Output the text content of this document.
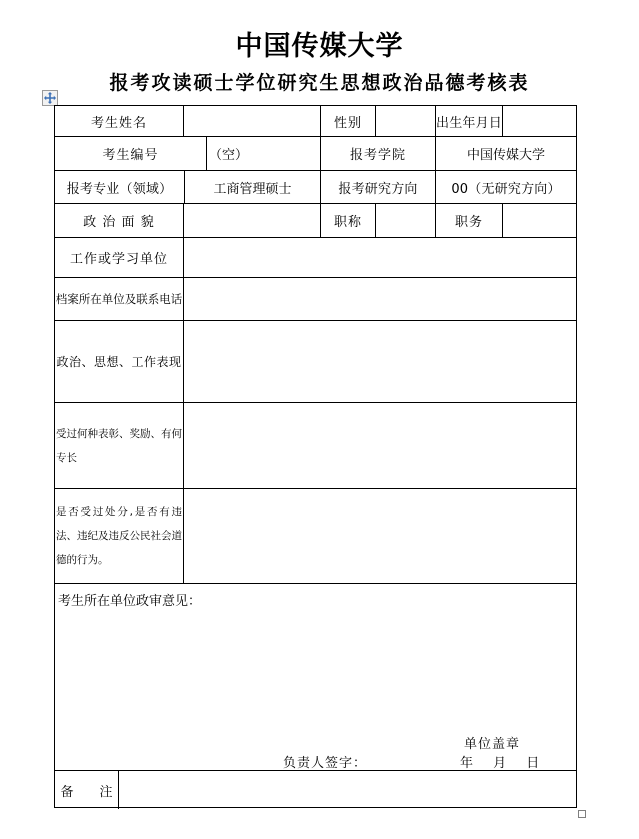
中国传媒大学
报考攻读硕士学位研究生思想政治品德考核表
考生姓名	性别	出生年月日
考生编号	（空）	报考学院	中国传媒大学
报考专业（领域）	工商管理硕士	报考研究方向	00（无研究方向）
政 治 面 貌	职称	职务
工作或学习单位
档案所在单位及联系电话
政治、思想、工作表现
受过何种表彰、奖励、有何专长
是否受过处分,是否有违法、违纪及违反公民社会道德的行为。
考生所在单位政审意见：
单位盖章
负责人签字：	年　 月　 日
备　　注
